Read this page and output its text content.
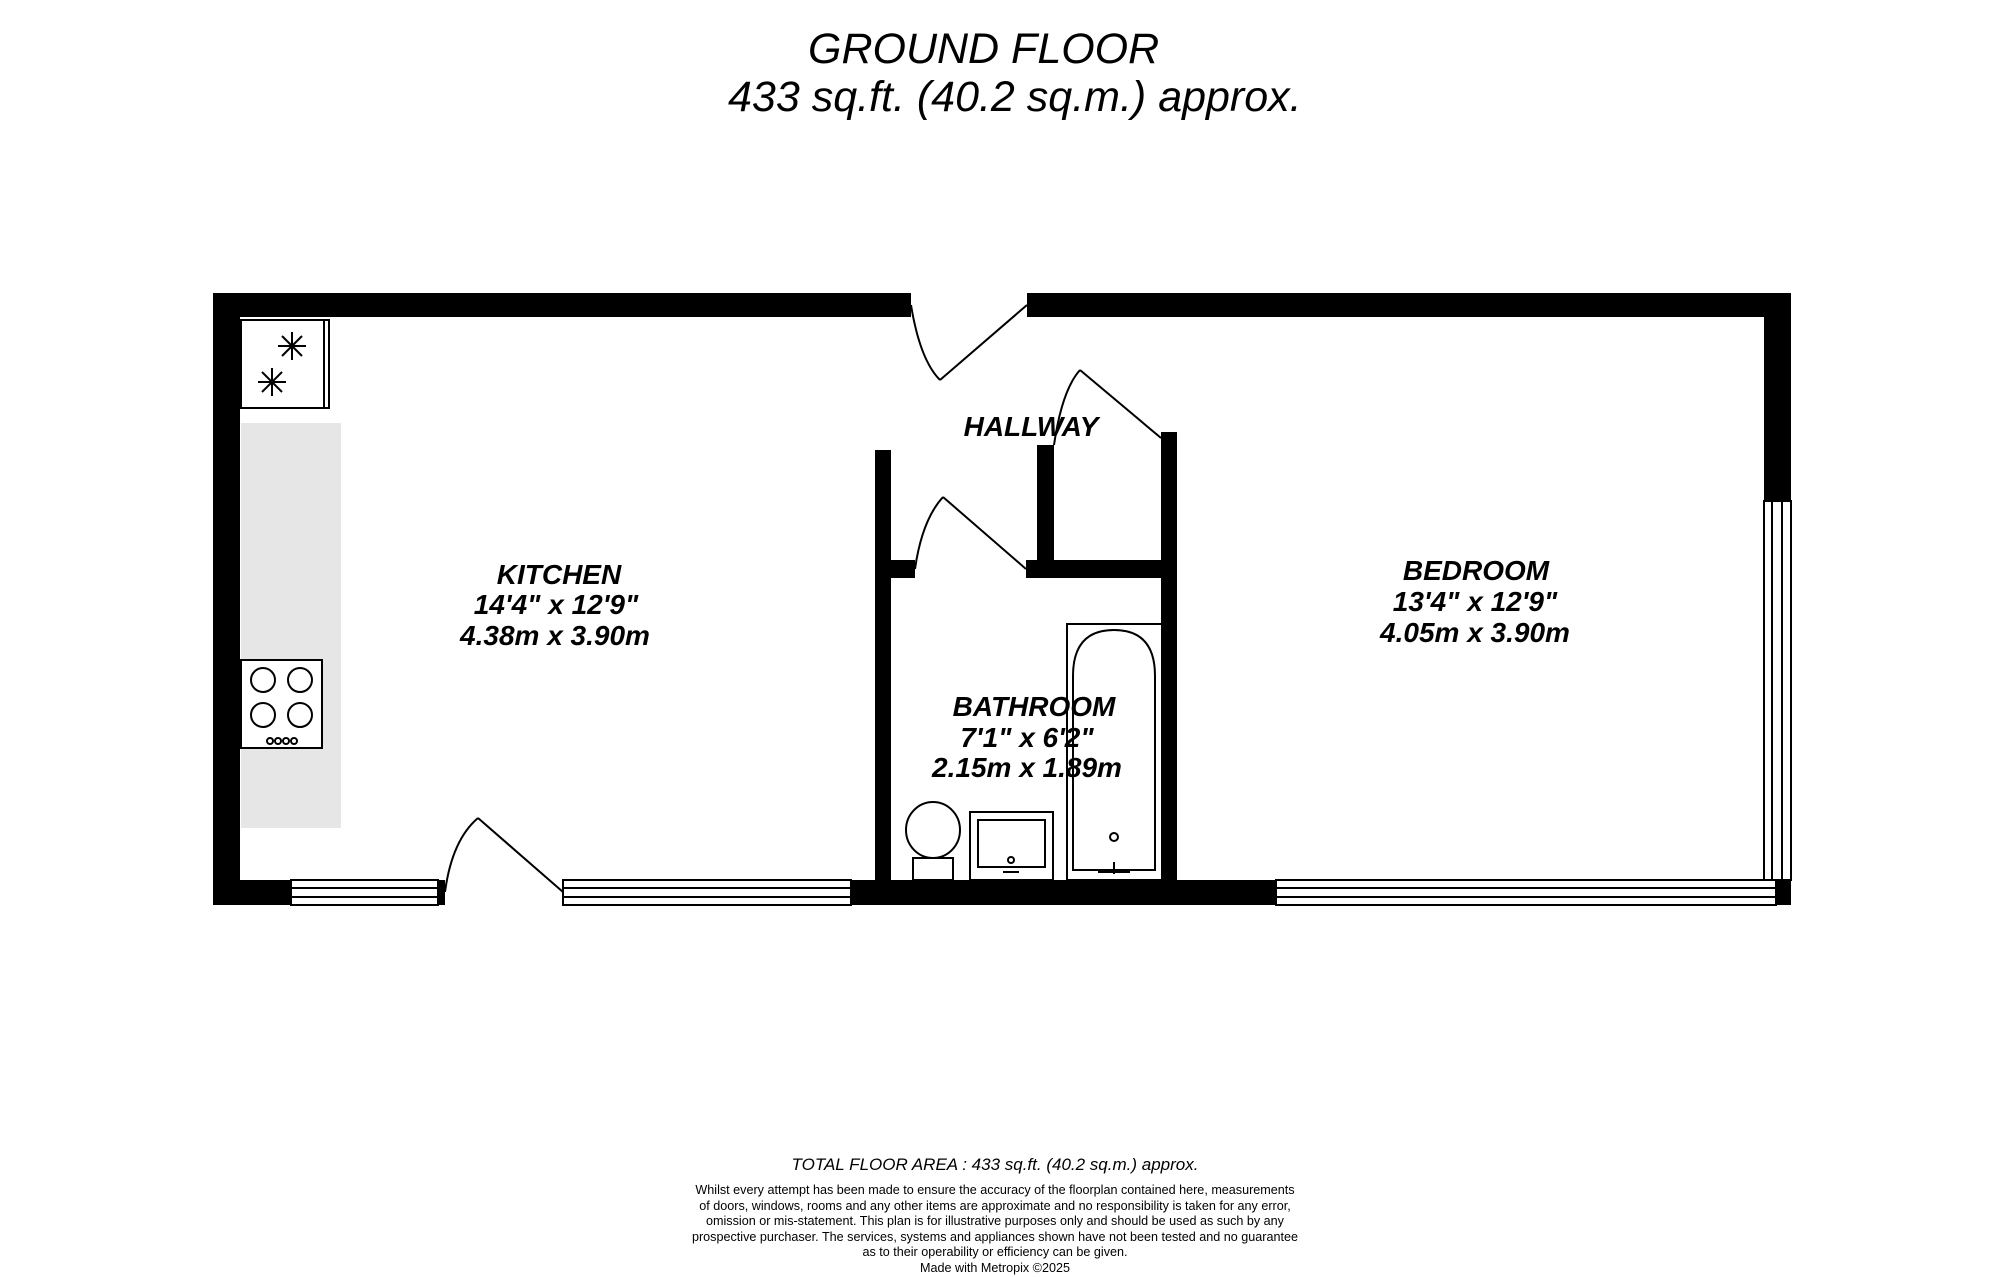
GROUND FLOOR
433 sq.ft. (40.2 sq.m.) approx.
KITCHEN
14'4" x 12'9"
4.38m x 3.90m
HALLWAY
BATHROOM
7'1" x 6'2"
2.15m x 1.89m
BEDROOM
13'4" x 12'9"
4.05m x 3.90m
TOTAL FLOOR AREA : 433 sq.ft. (40.2 sq.m.) approx.
Whilst every attempt has been made to ensure the accuracy of the floorplan contained here, measurements
of doors, windows, rooms and any other items are approximate and no responsibility is taken for any error,
omission or mis-statement. This plan is for illustrative purposes only and should be used as such by any
prospective purchaser. The services, systems and appliances shown have not been tested and no guarantee
as to their operability or efficiency can be given.
Made with Metropix ©2025
